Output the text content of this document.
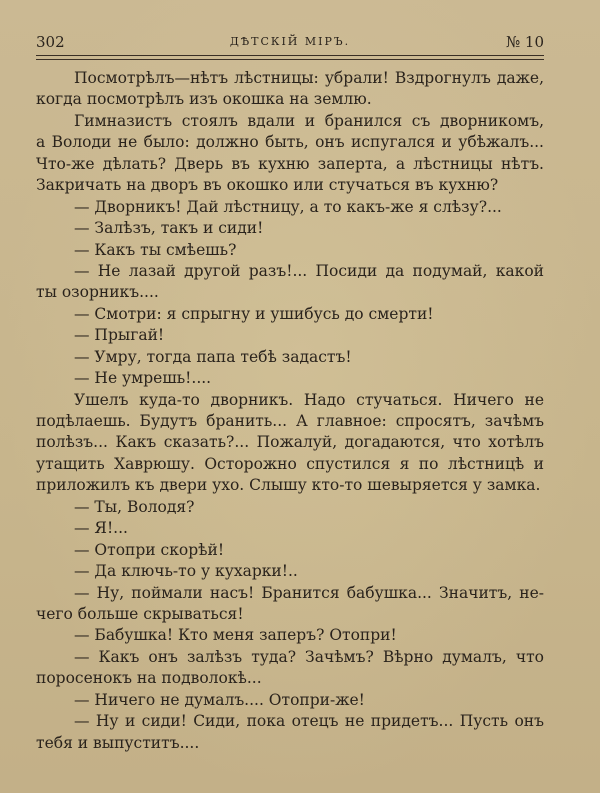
302	ДѢТСКІЙ МІРЪ.	№ 10
Посмотрѣлъ—нѣтъ лѣстницы: убрали! Вздрогнулъ даже,
когда посмотрѣлъ изъ окошка на землю.
Гимназистъ стоялъ вдали и бранился съ дворникомъ,
а Володи не было: должно быть, онъ испугался и убѣжалъ...
Что-же дѣлать? Дверь въ кухню заперта, а лѣстницы нѣтъ.
Закричать на дворъ въ окошко или стучаться въ кухню?
— Дворникъ! Дай лѣстницу, а то какъ-же я слѣзу?...
— Залѣзъ, такъ и сиди!
— Какъ ты смѣешь?
— Не лазай другой разъ!... Посиди да подумай, какой
ты озорникъ....
— Смотри: я спрыгну и ушибусь до смерти!
— Прыгай!
— Умру, тогда папа тебѣ задастъ!
— Не умрешь!....
Ушелъ куда-то дворникъ. Надо стучаться. Ничего не
подѣлаешь. Будутъ бранить... А главное: спросятъ, зачѣмъ
полѣзъ... Какъ сказать?... Пожалуй, догадаются, что хотѣлъ
утащить Хаврюшу. Осторожно спустился я по лѣстницѣ и
приложилъ къ двери ухо. Слышу кто-то шевыряется у замка.
— Ты, Володя?
— Я!...
— Отопри скорѣй!
— Да ключь-то у кухарки!..
— Ну, поймали насъ! Бранится бабушка... Значитъ, не-
чего больше скрываться!
— Бабушка! Кто меня заперъ? Отопри!
— Какъ онъ залѣзъ туда? Зачѣмъ? Вѣрно думалъ, что
поросенокъ на подволокѣ...
— Ничего не думалъ.... Отопри-же!
— Ну и сиди! Сиди, пока отецъ не придетъ... Пусть онъ
тебя и выпуститъ....
